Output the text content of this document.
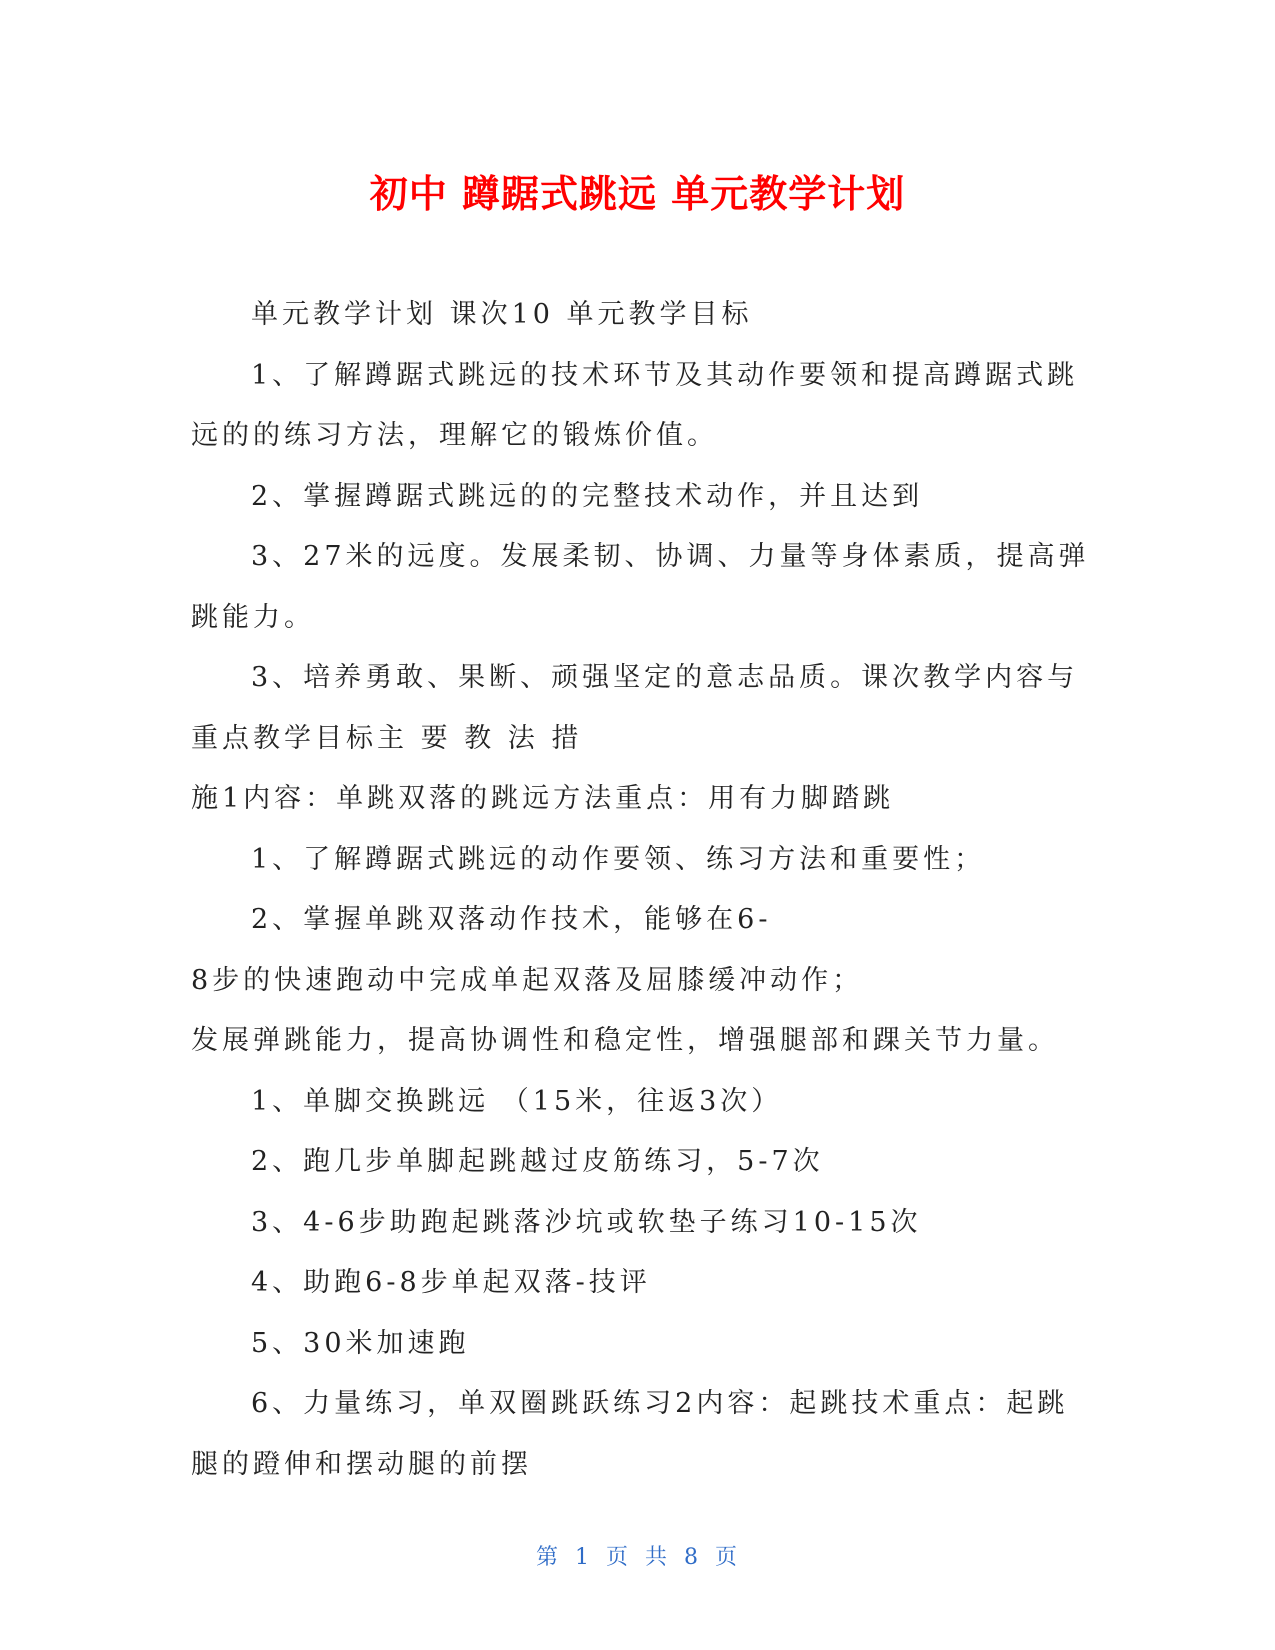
初中 蹲踞式跳远 单元教学计划
单元教学计划 课次10 单元教学目标
1、了解蹲踞式跳远的技术环节及其动作要领和提高蹲踞式跳
远的的练习方法，理解它的锻炼价值。
2、掌握蹲踞式跳远的的完整技术动作，并且达到
3、27米的远度。发展柔韧、协调、力量等身体素质，提高弹
跳能力。
3、培养勇敢、果断、顽强坚定的意志品质。课次教学内容与
重点教学目标主 要 教 法 措
施1内容：单跳双落的跳远方法重点：用有力脚踏跳
1、了解蹲踞式跳远的动作要领、练习方法和重要性；
2、掌握单跳双落动作技术，能够在6-
8步的快速跑动中完成单起双落及屈膝缓冲动作；
发展弹跳能力，提高协调性和稳定性，增强腿部和踝关节力量。
1、单脚交换跳远 （15米，往返3次）
2、跑几步单脚起跳越过皮筋练习，5-7次
3、4-6步助跑起跳落沙坑或软垫子练习10-15次
4、助跑6-8步单起双落-技评
5、30米加速跑
6、力量练习，单双圈跳跃练习2内容：起跳技术重点：起跳
腿的蹬伸和摆动腿的前摆
第 1 页 共 8 页
